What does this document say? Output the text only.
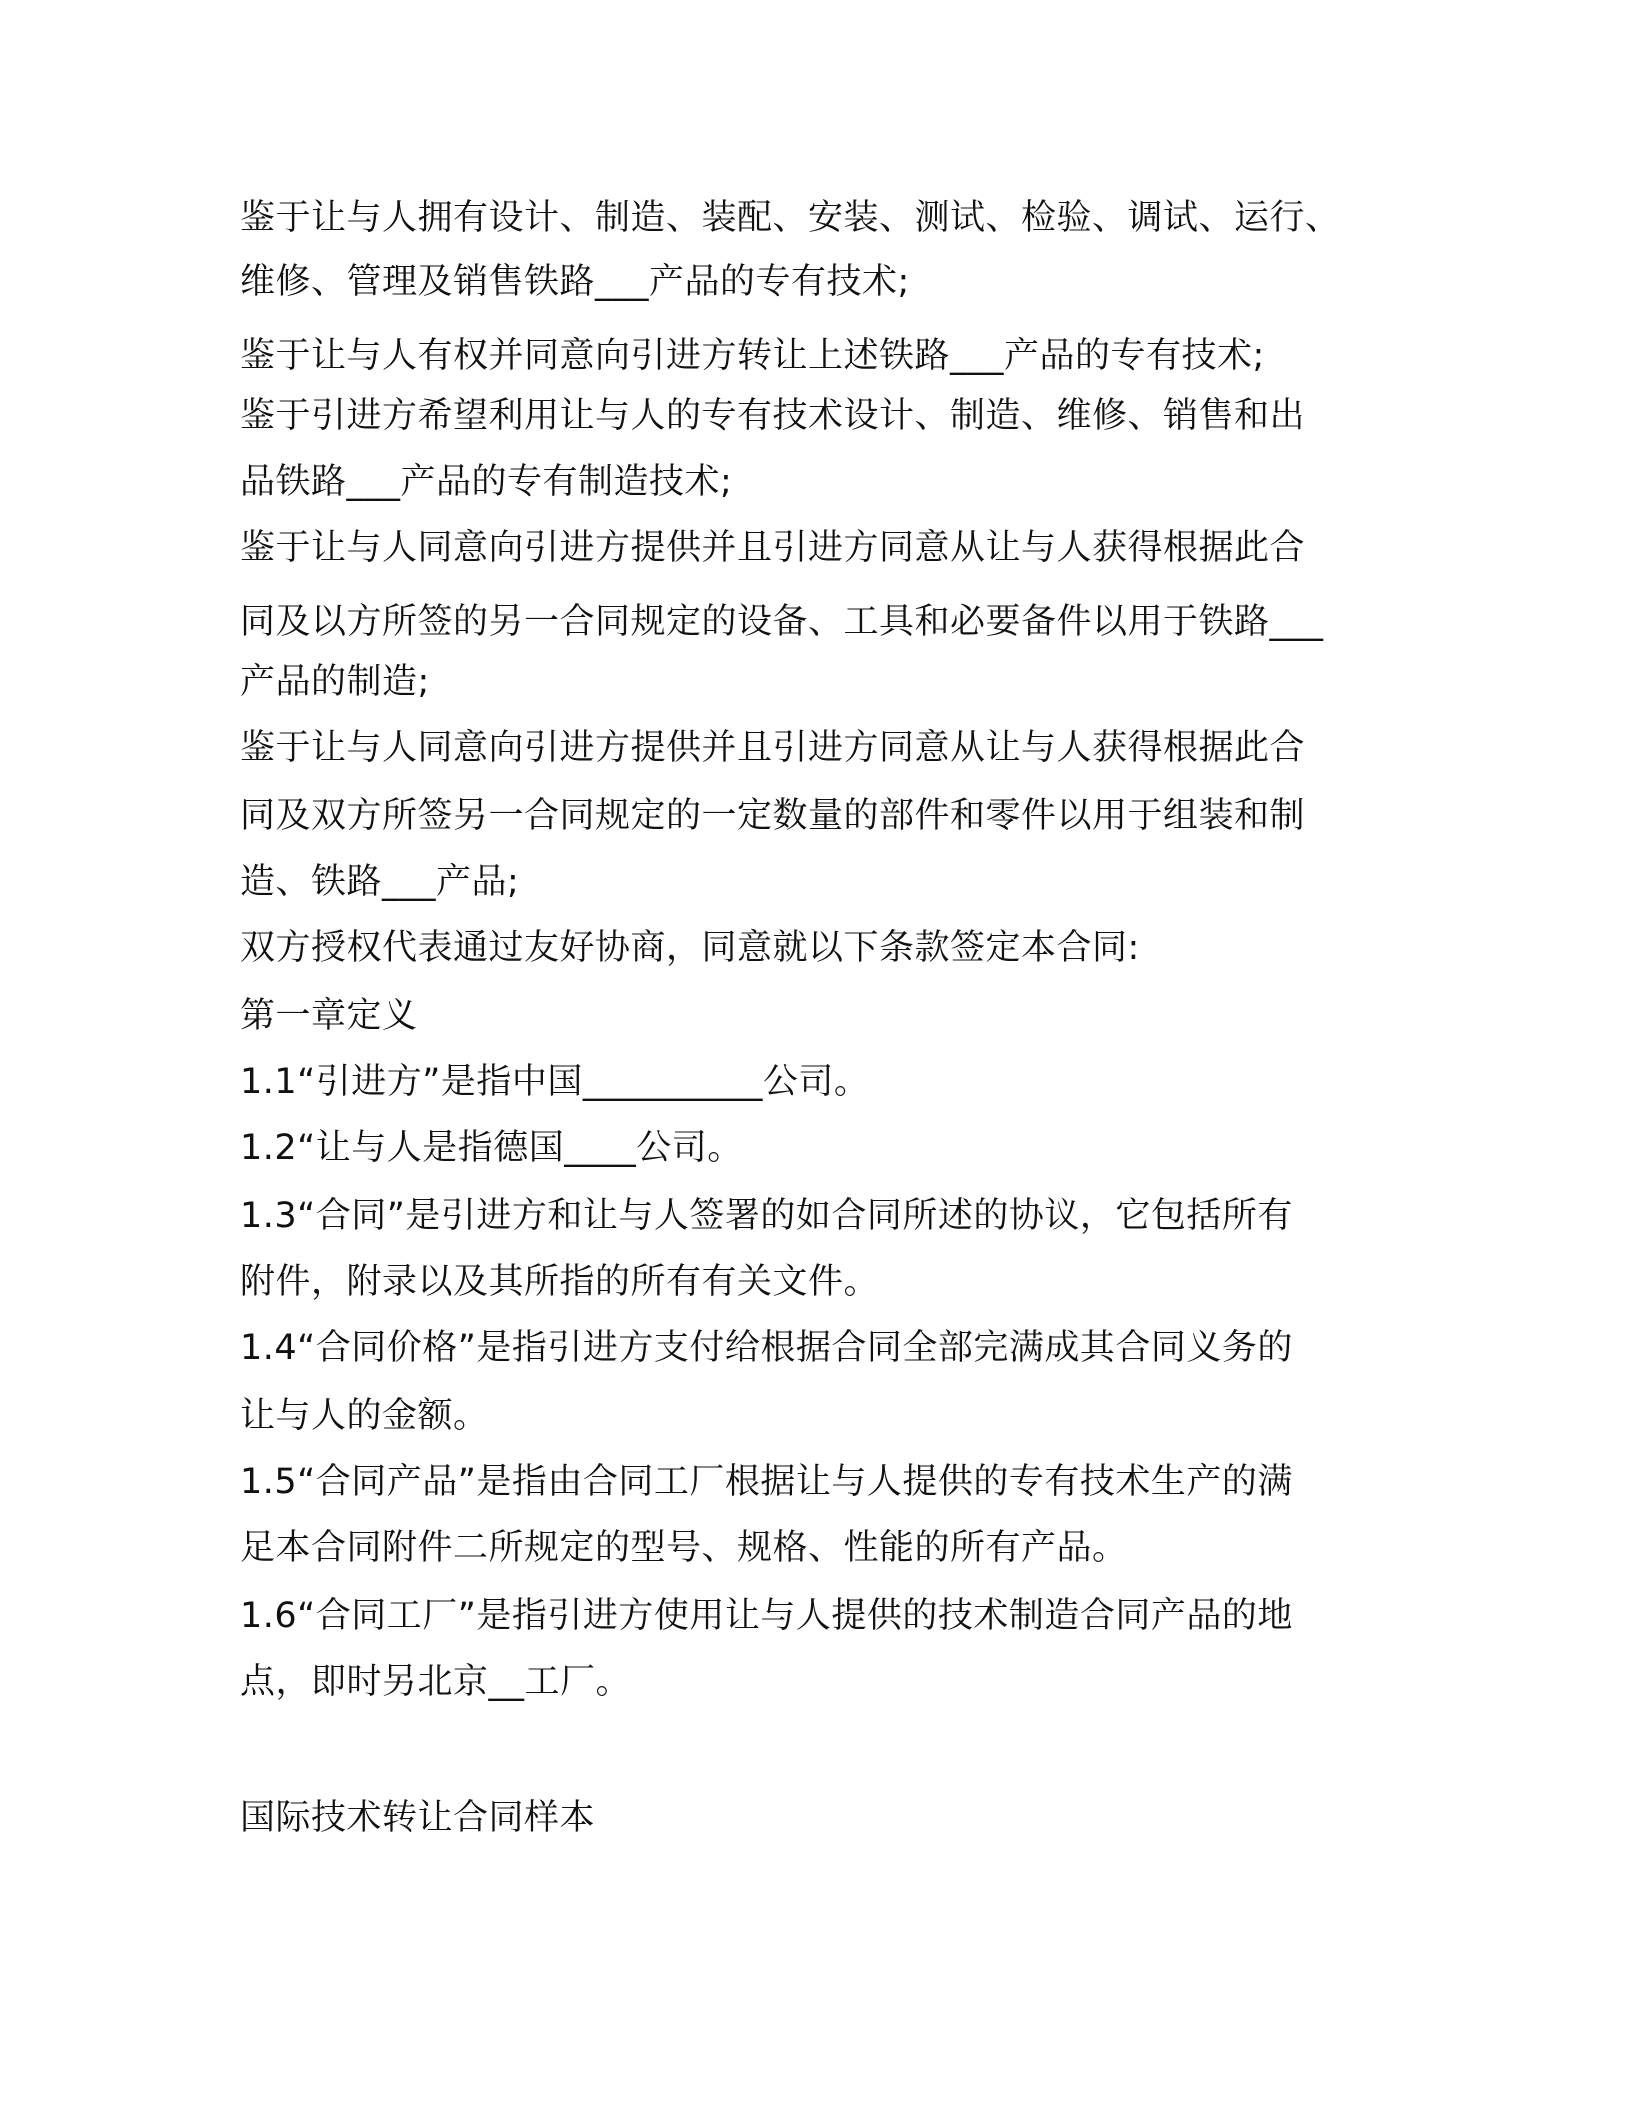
鉴于让与人拥有设计、制造、装配、安装、测试、检验、调试、运行、
维修、管理及销售铁路___产品的专有技术;
鉴于让与人有权并同意向引进方转让上述铁路___产品的专有技术;
鉴于引进方希望利用让与人的专有技术设计、制造、维修、销售和出
品铁路___产品的专有制造技术;
鉴于让与人同意向引进方提供并且引进方同意从让与人获得根据此合
同及以方所签的另一合同规定的设备、工具和必要备件以用于铁路___
产品的制造;
鉴于让与人同意向引进方提供并且引进方同意从让与人获得根据此合
同及双方所签另一合同规定的一定数量的部件和零件以用于组装和制
造、铁路___产品;
双方授权代表通过友好协商，同意就以下条款签定本合同:
第一章定义
1.1“引进方”是指中国__________公司。
1.2“让与人是指德国____公司。
1.3“合同”是引进方和让与人签署的如合同所述的协议，它包括所有
附件，附录以及其所指的所有有关文件。
1.4“合同价格”是指引进方支付给根据合同全部完满成其合同义务的
让与人的金额。
1.5“合同产品”是指由合同工厂根据让与人提供的专有技术生产的满
足本合同附件二所规定的型号、规格、性能的所有产品。
1.6“合同工厂”是指引进方使用让与人提供的技术制造合同产品的地
点，即时另北京__工厂。
国际技术转让合同样本
